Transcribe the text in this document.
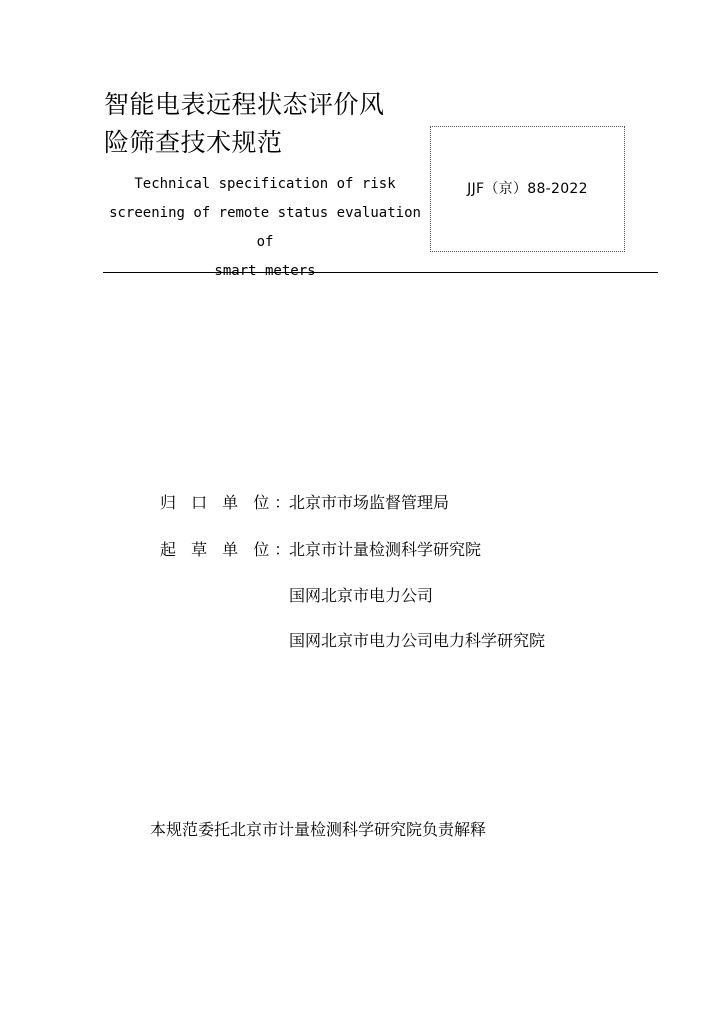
智能电表远程状态评价风
险筛查技术规范
Technical specification of risk
screening of remote status evaluation of
smart meters
JJF（京）88-2022
归 口 单 位：
北京市市场监督管理局
起 草 单 位：
北京市计量检测科学研究院
国网北京市电力公司
国网北京市电力公司电力科学研究院
本规范委托北京市计量检测科学研究院负责解释
